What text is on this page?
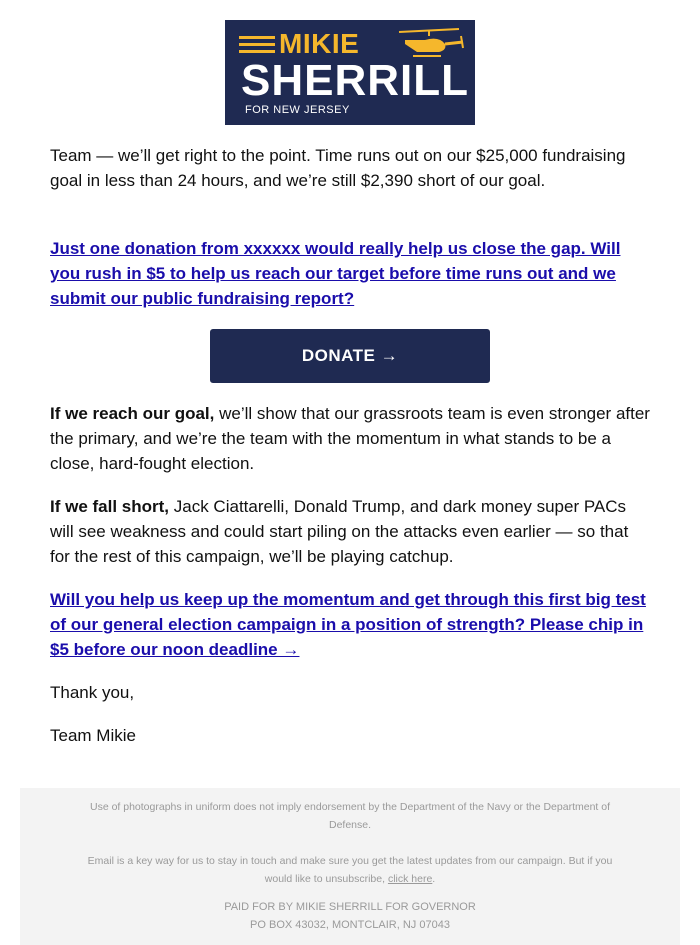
MIKIE
SHERRILL
FOR NEW JERSEY

Team — we’ll get right to the point. Time runs out on our $25,000 fundraising goal in less than 24 hours, and we’re still $2,390 short of our goal.

Just one donation from xxxxxx would really help us close the gap. Will you rush in $5 to help us reach our target before time runs out and we submit our public fundraising report?

DONATE →

If we reach our goal, we’ll show that our grassroots team is even stronger after the primary, and we’re the team with the momentum in what stands to be a close, hard-fought election.

If we fall short, Jack Ciattarelli, Donald Trump, and dark money super PACs will see weakness and could start piling on the attacks even earlier — so that for the rest of this campaign, we’ll be playing catchup.

Will you help us keep up the momentum and get through this first big test of our general election campaign in a position of strength? Please chip in $5 before our noon deadline →

Thank you,

Team Mikie

Use of photographs in uniform does not imply endorsement by the Department of the Navy or the Department of Defense.

Email is a key way for us to stay in touch and make sure you get the latest updates from our campaign. But if you would like to unsubscribe, click here.

PAID FOR BY MIKIE SHERRILL FOR GOVERNOR
PO BOX 43032, MONTCLAIR, NJ 07043
